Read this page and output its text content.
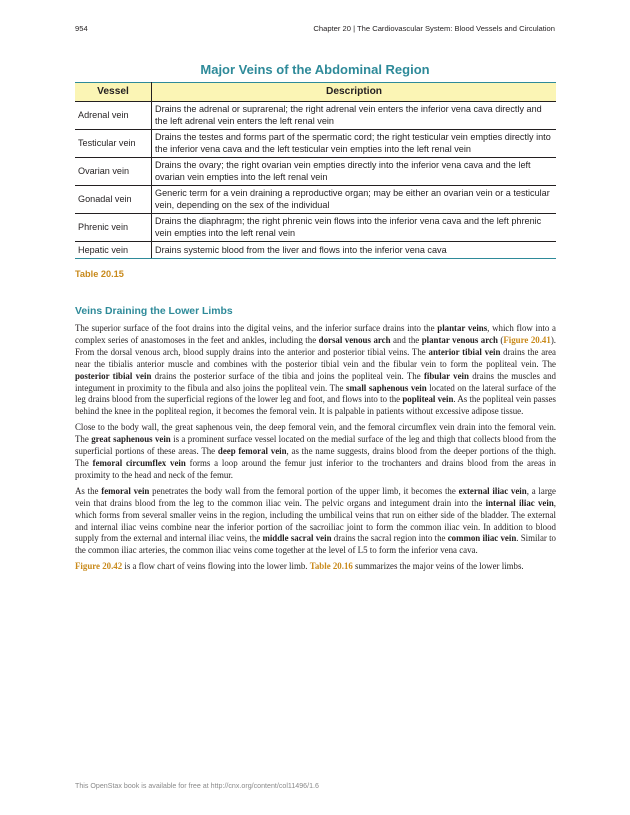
954	Chapter 20 | The Cardiovascular System: Blood Vessels and Circulation
Major Veins of the Abdominal Region
Vessel	Description
Adrenal vein	Drains the adrenal or suprarenal; the right adrenal vein enters the inferior vena cava directly and the left adrenal vein enters the left renal vein
Testicular vein	Drains the testes and forms part of the spermatic cord; the right testicular vein empties directly into the inferior vena cava and the left testicular vein empties into the left renal vein
Ovarian vein	Drains the ovary; the right ovarian vein empties directly into the inferior vena cava and the left ovarian vein empties into the left renal vein
Gonadal vein	Generic term for a vein draining a reproductive organ; may be either an ovarian vein or a testicular vein, depending on the sex of the individual
Phrenic vein	Drains the diaphragm; the right phrenic vein flows into the inferior vena cava and the left phrenic vein empties into the left renal vein
Hepatic vein	Drains systemic blood from the liver and flows into the inferior vena cava
Table 20.15
Veins Draining the Lower Limbs

The superior surface of the foot drains into the digital veins, and the inferior surface drains into the plantar veins, which flow into a complex series of anastomoses in the feet and ankles, including the dorsal venous arch and the plantar venous arch (Figure 20.41). From the dorsal venous arch, blood supply drains into the anterior and posterior tibial veins. The anterior tibial vein drains the area near the tibialis anterior muscle and combines with the posterior tibial vein and the fibular vein to form the popliteal vein. The posterior tibial vein drains the posterior surface of the tibia and joins the popliteal vein. The fibular vein drains the muscles and integument in proximity to the fibula and also joins the popliteal vein. The small saphenous vein located on the lateral surface of the leg drains blood from the superficial regions of the lower leg and foot, and flows into to the popliteal vein. As the popliteal vein passes behind the knee in the popliteal region, it becomes the femoral vein. It is palpable in patients without excessive adipose tissue.

Close to the body wall, the great saphenous vein, the deep femoral vein, and the femoral circumflex vein drain into the femoral vein. The great saphenous vein is a prominent surface vessel located on the medial surface of the leg and thigh that collects blood from the superficial portions of these areas. The deep femoral vein, as the name suggests, drains blood from the deeper portions of the thigh. The femoral circumflex vein forms a loop around the femur just inferior to the trochanters and drains blood from the areas in proximity to the head and neck of the femur.

As the femoral vein penetrates the body wall from the femoral portion of the upper limb, it becomes the external iliac vein, a large vein that drains blood from the leg to the common iliac vein. The pelvic organs and integument drain into the internal iliac vein, which forms from several smaller veins in the region, including the umbilical veins that run on either side of the bladder. The external and internal iliac veins combine near the inferior portion of the sacroiliac joint to form the common iliac vein. In addition to blood supply from the external and internal iliac veins, the middle sacral vein drains the sacral region into the common iliac vein. Similar to the common iliac arteries, the common iliac veins come together at the level of L5 to form the inferior vena cava.

Figure 20.42 is a flow chart of veins flowing into the lower limb. Table 20.16 summarizes the major veins of the lower limbs.

This OpenStax book is available for free at http://cnx.org/content/col11496/1.6
